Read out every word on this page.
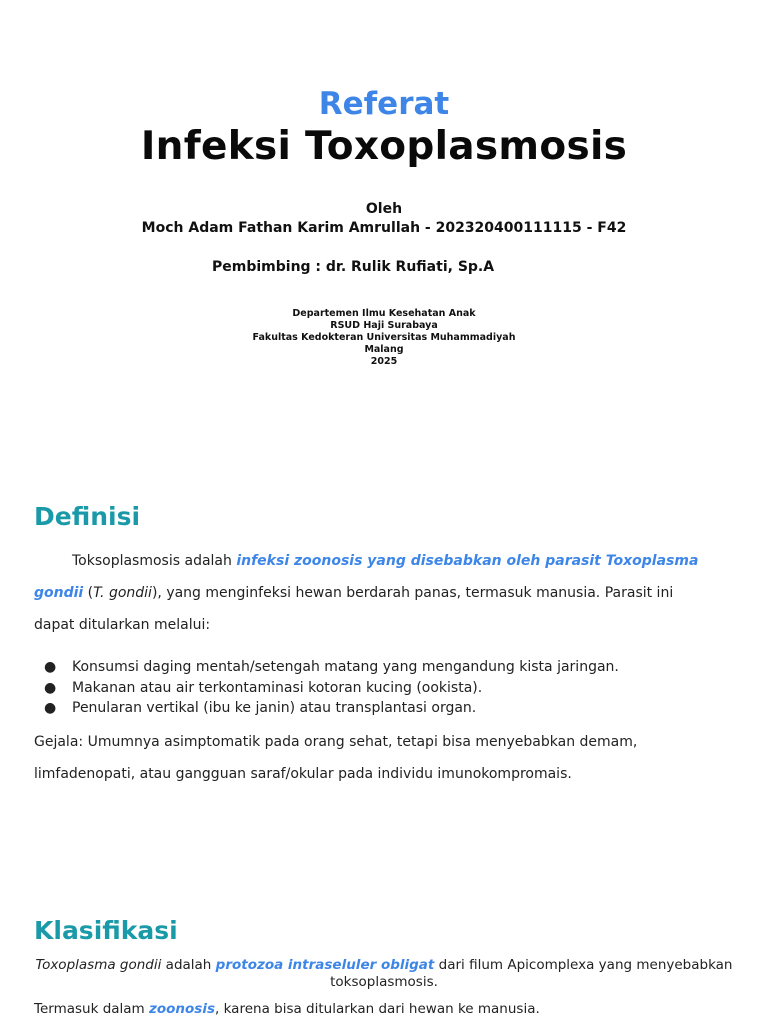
Referat
Infeksi Toxoplasmosis
Oleh
Moch Adam Fathan Karim Amrullah - 202320400111115 - F42
Pembimbing : dr. Rulik Rufiati, Sp.A
Departemen Ilmu Kesehatan Anak
RSUD Haji Surabaya
Fakultas Kedokteran Universitas Muhammadiyah
Malang
2025
Definisi
Toksoplasmosis adalah infeksi zoonosis yang disebabkan oleh parasit Toxoplasma
gondii (T. gondii), yang menginfeksi hewan berdarah panas, termasuk manusia. Parasit ini
dapat ditularkan melalui:
● Konsumsi daging mentah/setengah matang yang mengandung kista jaringan.
● Makanan atau air terkontaminasi kotoran kucing (ookista).
● Penularan vertikal (ibu ke janin) atau transplantasi organ.
Gejala: Umumnya asimptomatik pada orang sehat, tetapi bisa menyebabkan demam,
limfadenopati, atau gangguan saraf/okular pada individu imunokompromais.
Klasifikasi
Toxoplasma gondii adalah protozoa intraseluler obligat dari filum Apicomplexa yang menyebabkan
toksoplasmosis.
Termasuk dalam zoonosis, karena bisa ditularkan dari hewan ke manusia.
